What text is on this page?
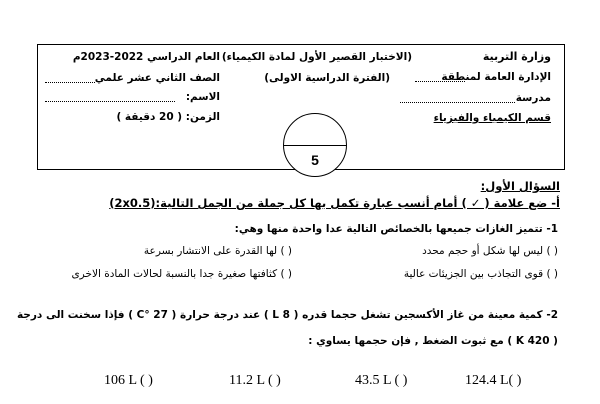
وزارة التربية
الإدارة العامة لمنطقة
مدرسة
قسم الكيمياء والفيزياء
(الاختبار القصير الأول لمادة الكيمياء)
(الفترة الدراسية الاولى)
5
العام الدراسي 2022-2023م
الصف الثاني عشر علمي
الاسم:
الزمن: ( 20 دقيقة )
السؤال الأول:
أ- ضع علامة ( ✓ ) أمام أنسب عبارة تكمل بها كل جملة من الجمل التالية:(2x0.5)
1- تتميز الغازات جميعها بالخصائص التالية عدا واحدة منها وهي:
( ) ليس لها شكل أو حجم محدد
( ) لها القدرة على الانتشار بسرعة
( ) قوى التجاذب بين الجزيئات عالية
( ) كثافتها صغيرة جدا بالنسبة لحالات المادة الاخرى
2- كمية معينة من غاز الأكسجين تشغل حجما قدره ( 8 L ) عند درجة حرارة ( 27 °C ) فإذا سخنت الى درجة
( 420 K ) مع ثبوت الضغط , فإن حجمها يساوي :
124.4 L( )
43.5 L ( )
11.2 L ( )
106 L ( )
